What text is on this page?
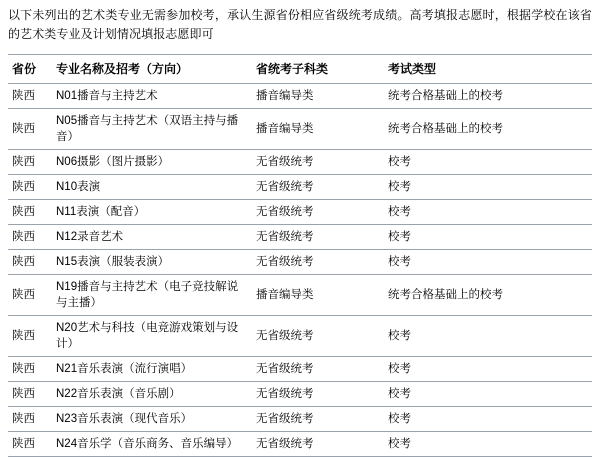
以下未列出的艺术类专业无需参加校考，承认生源省份相应省级统考成绩。高考填报志愿时，根据学校在该省的艺术类专业及计划情况填报志愿即可

省份	专业名称及招考（方向）	省统考子科类	考试类型
陕西	N01播音与主持艺术	播音编导类	统考合格基础上的校考
陕西	N05播音与主持艺术（双语主持与播音）	播音编导类	统考合格基础上的校考
陕西	N06摄影（图片摄影）	无省级统考	校考
陕西	N10表演	无省级统考	校考
陕西	N11表演（配音）	无省级统考	校考
陕西	N12录音艺术	无省级统考	校考
陕西	N15表演（服装表演）	无省级统考	校考
陕西	N19播音与主持艺术（电子竞技解说与主播）	播音编导类	统考合格基础上的校考
陕西	N20艺术与科技（电竞游戏策划与设计）	无省级统考	校考
陕西	N21音乐表演（流行演唱）	无省级统考	校考
陕西	N22音乐表演（音乐剧）	无省级统考	校考
陕西	N23音乐表演（现代音乐）	无省级统考	校考
陕西	N24音乐学（音乐商务、音乐编导）	无省级统考	校考
